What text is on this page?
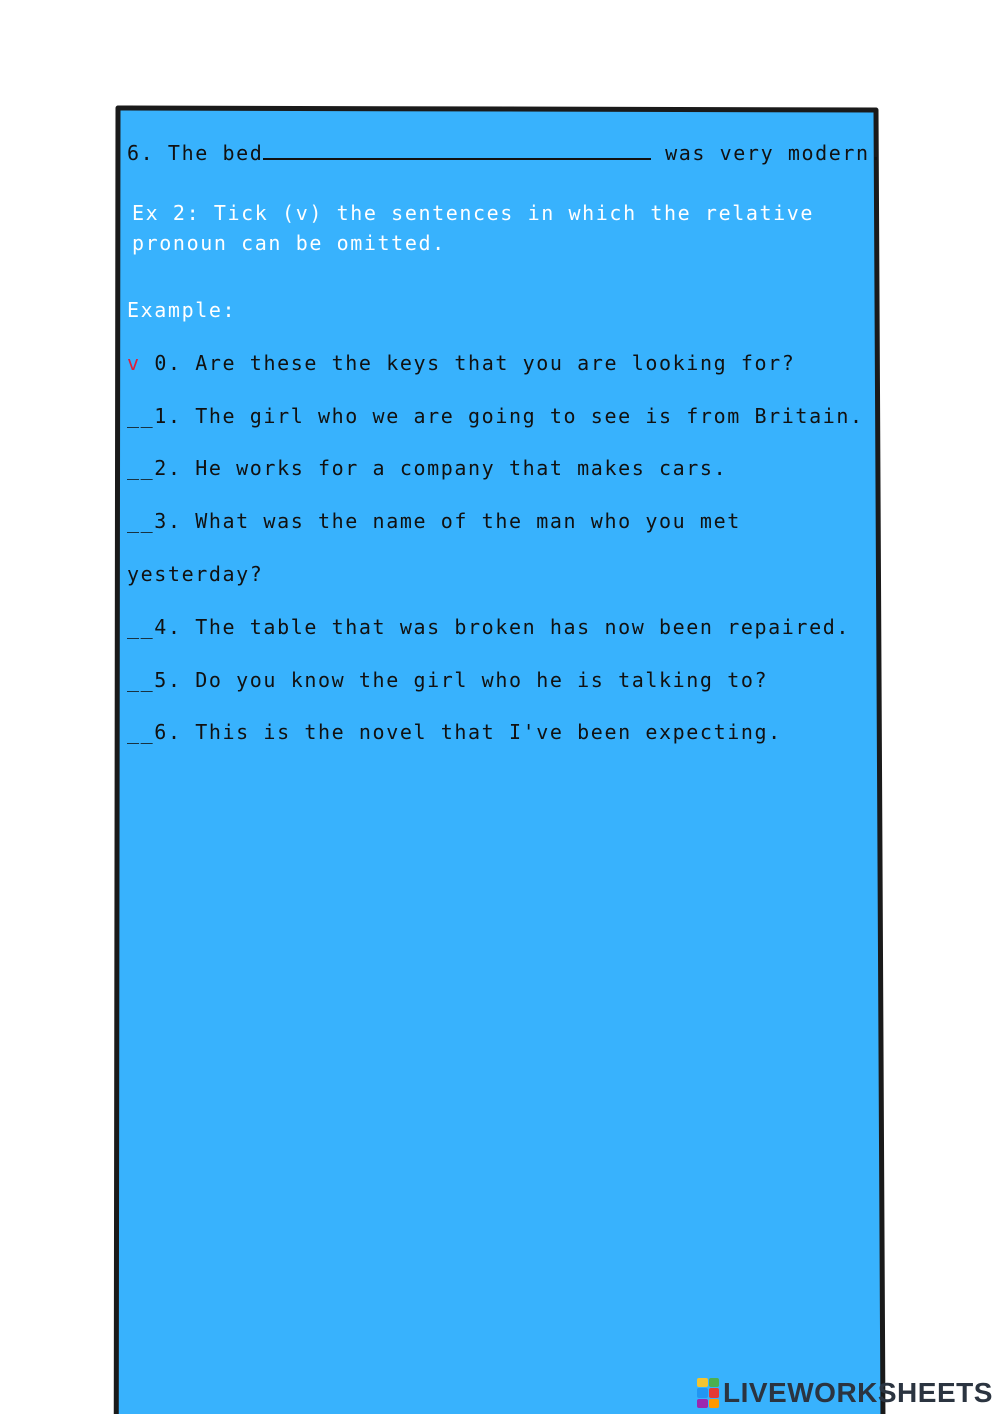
6. The bed	was very modern.
Ex 2: Tick (v) the sentences in which the relative
pronoun can be omitted.
Example:
v 0. Are these the keys that you are looking for?
__1. The girl who we are going to see is from Britain.
__2. He works for a company that makes cars.
__3. What was the name of the man who you met
yesterday?
__4. The table that was broken has now been repaired.
__5. Do you know the girl who he is talking to?
__6. This is the novel that I've been expecting.
LIVEWORKSHEETS
